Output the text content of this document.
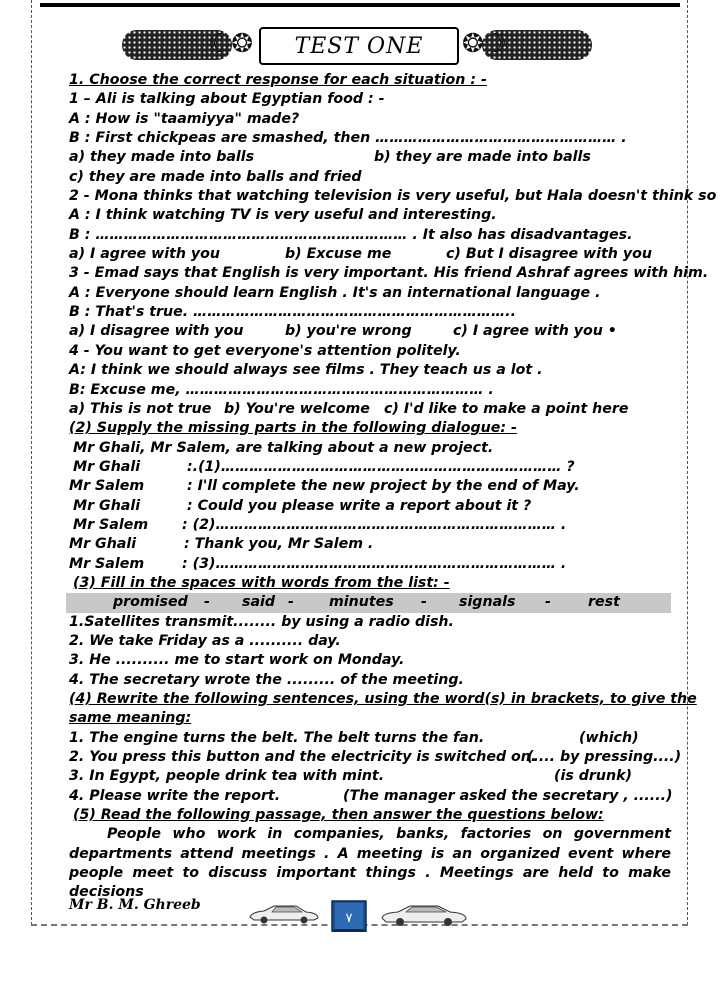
☾❂	❂☽
TEST ONE
1. Choose the correct response for each situation : -
1 – Ali is talking about Egyptian food : -
A : How is "taamiyya" made?
B : First chickpeas are smashed, then …………………………………………… .
a) they made into balls	b) they are made into balls
c) they are made into balls and fried
2 - Mona thinks that watching television is very useful, but Hala doesn't think so
A : I think watching TV is very useful and interesting.
B : ………………………………………………………… . It also has disadvantages.
a) I agree with you	b) Excuse me	c) But I disagree with you
3 - Emad says that English is very important. His friend Ashraf agrees with him.
A : Everyone should learn English . It's an international language .
B : That's true. …………………………………………………………..
a) I disagree with you	b) you're wrong	c) I agree with you •
4 - You want to get everyone's attention politely.
A: I think we should always see films . They teach us a lot .
B: Excuse me, ……………………………………………………… .
a) This is not true b) You're welcome c) I'd like to make a point here
(2) Supply the missing parts in the following dialogue: -
Mr Ghali, Mr Salem, are talking about a new project.
Mr Ghali	:.(1)……………………………………………………………… ?
Mr Salem	: I'll complete the new project by the end of May.
Mr Ghali	: Could you please write a report about it ?
Mr Salem : (2)……………………………………………………………… .
Mr Ghali	: Thank you, Mr Salem .
Mr Salem	: (3)……………………………………………………………… .
(3) Fill in the spaces with words from the list: -
promised - said - minutes - signals -	rest
1.Satellites transmit........ by using a radio dish.
2. We take Friday as a .......... day.
3. He .......... me to start work on Monday.
4. The secretary wrote the ......... of the meeting.
(4) Rewrite the following sentences, using the word(s) in brackets, to give the
same meaning:
1. The engine turns the belt. The belt turns the fan.	(which)
2. You press this button and the electricity is switched on.(.... by pressing....)
3. In Egypt, people drink tea with mint.	(is drunk)
4. Please write the report.	(The manager asked the secretary , ......)
(5) Read the following passage, then answer the questions below:
People who work in companies, banks, factories on government
departments attend meetings . A meeting is an organized event where
people meet to discuss important things . Meetings are held to make decisions
Mr B. M. Ghreeb
٧
